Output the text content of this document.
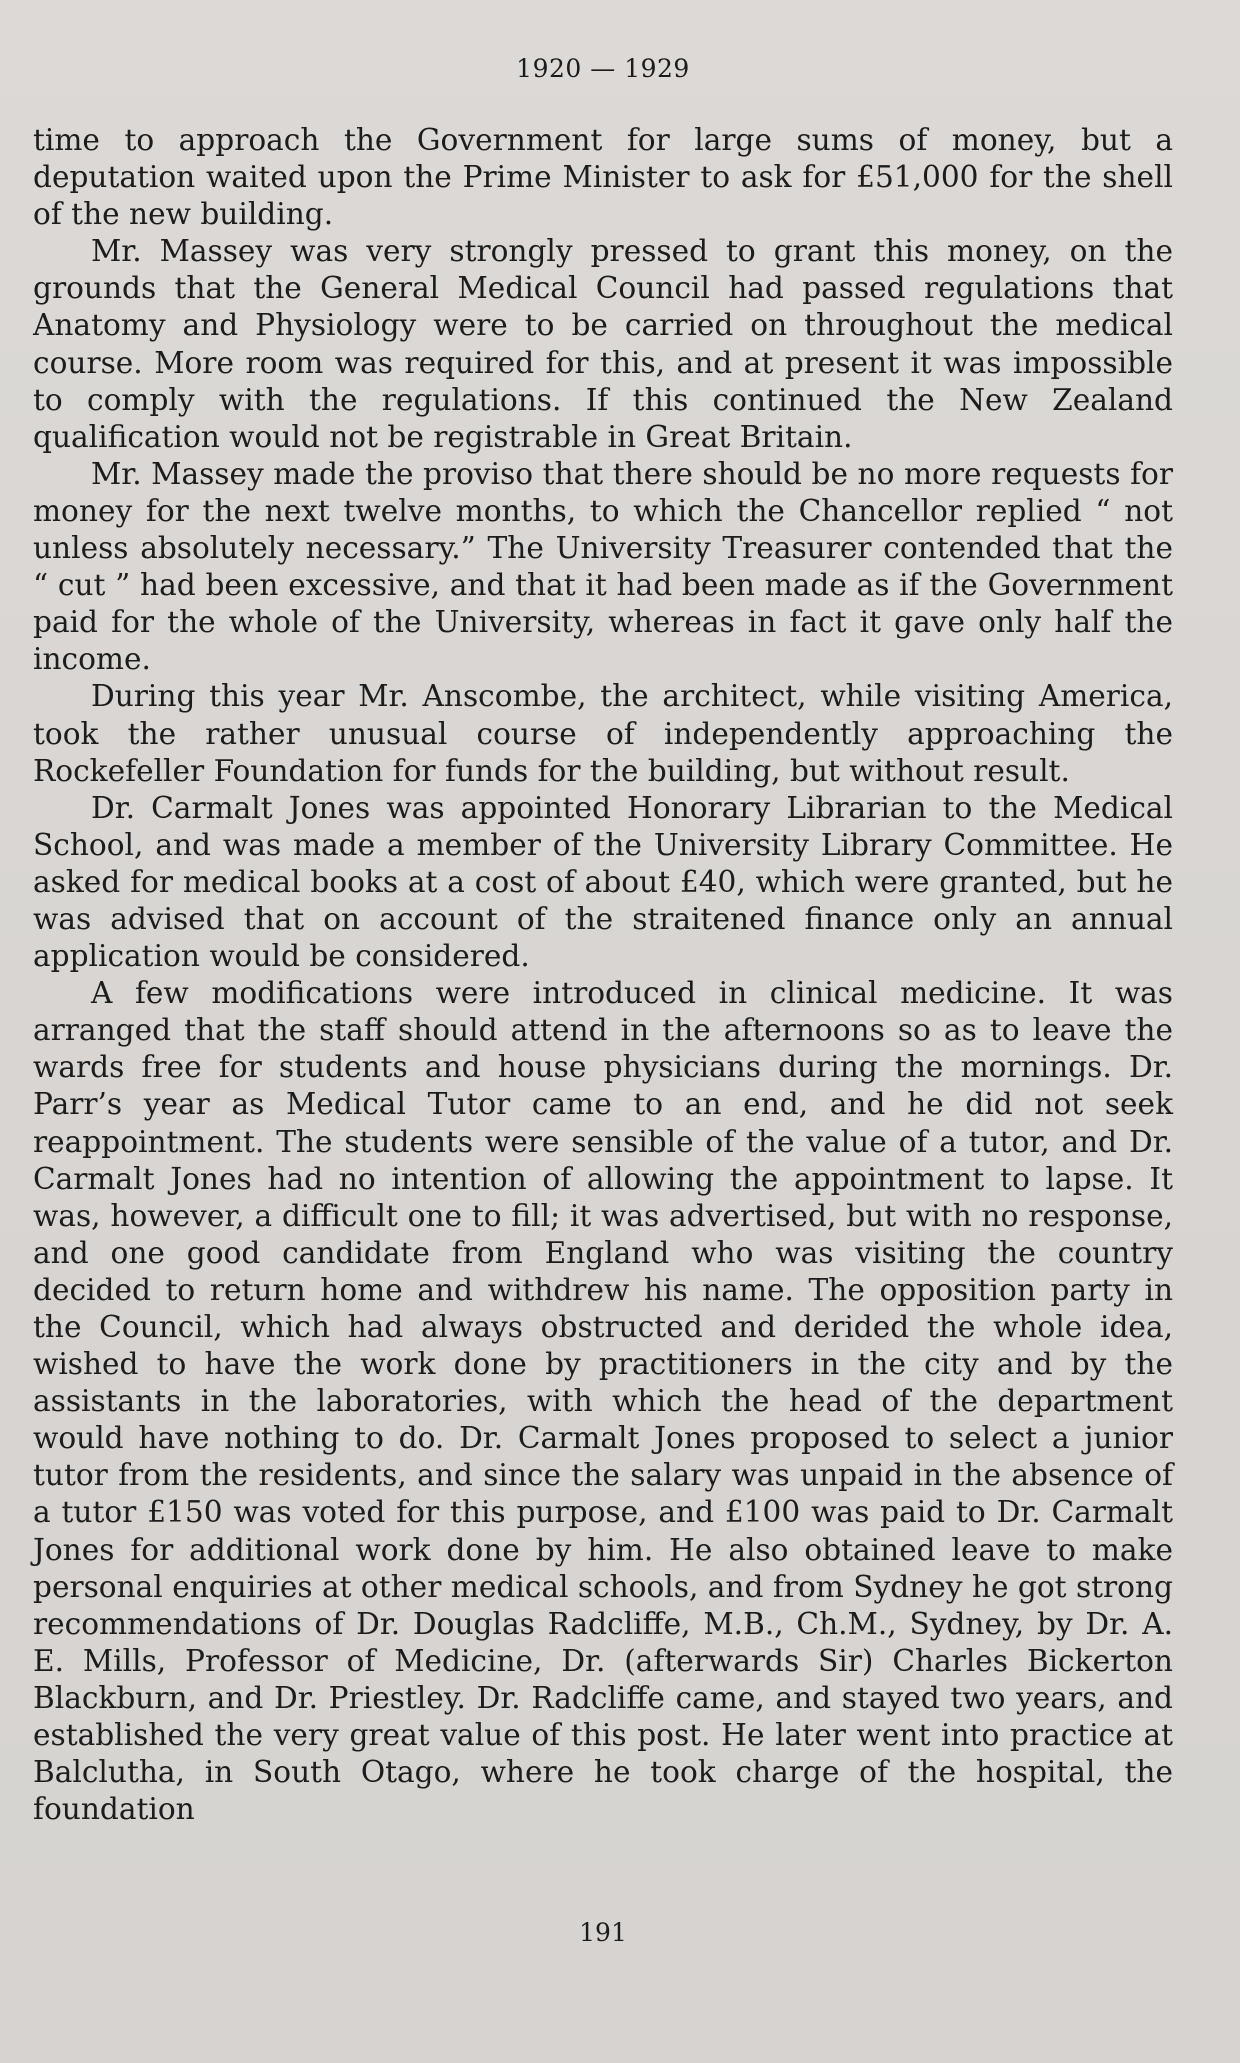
1920 — 1929

time to approach the Government for large sums of money, but a deputation waited upon the Prime Minister to ask for £51,000 for the shell of the new building.

Mr. Massey was very strongly pressed to grant this money, on the grounds that the General Medical Council had passed regulations that Anatomy and Physiology were to be carried on throughout the medical course. More room was required for this, and at present it was impossible to comply with the regulations. If this continued the New Zealand qualification would not be registrable in Great Britain.

Mr. Massey made the proviso that there should be no more requests for money for the next twelve months, to which the Chancellor replied “ not unless absolutely necessary.” The University Treasurer contended that the “ cut ” had been excessive, and that it had been made as if the Government paid for the whole of the University, whereas in fact it gave only half the income.

During this year Mr. Anscombe, the architect, while visiting America, took the rather unusual course of independently approaching the Rockefeller Foundation for funds for the building, but without result.

Dr. Carmalt Jones was appointed Honorary Librarian to the Medical School, and was made a member of the University Library Committee. He asked for medical books at a cost of about £40, which were granted, but he was advised that on account of the straitened finance only an annual application would be considered.

A few modifications were introduced in clinical medicine. It was arranged that the staff should attend in the afternoons so as to leave the wards free for students and house physicians during the mornings. Dr. Parr’s year as Medical Tutor came to an end, and he did not seek reappointment. The students were sensible of the value of a tutor, and Dr. Carmalt Jones had no intention of allowing the appointment to lapse. It was, however, a difficult one to fill; it was advertised, but with no response, and one good candidate from England who was visiting the country decided to return home and withdrew his name. The opposition party in the Council, which had always obstructed and derided the whole idea, wished to have the work done by practitioners in the city and by the assistants in the laboratories, with which the head of the department would have nothing to do. Dr. Carmalt Jones proposed to select a junior tutor from the residents, and since the salary was unpaid in the absence of a tutor £150 was voted for this purpose, and £100 was paid to Dr. Carmalt Jones for additional work done by him. He also obtained leave to make personal enquiries at other medical schools, and from Sydney he got strong recommendations of Dr. Douglas Radcliffe, M.B., Ch.M., Sydney, by Dr. A. E. Mills, Professor of Medicine, Dr. (afterwards Sir) Charles Bickerton Blackburn, and Dr. Priestley. Dr. Radcliffe came, and stayed two years, and established the very great value of this post. He later went into practice at Balclutha, in South Otago, where he took charge of the hospital, the foundation

191
